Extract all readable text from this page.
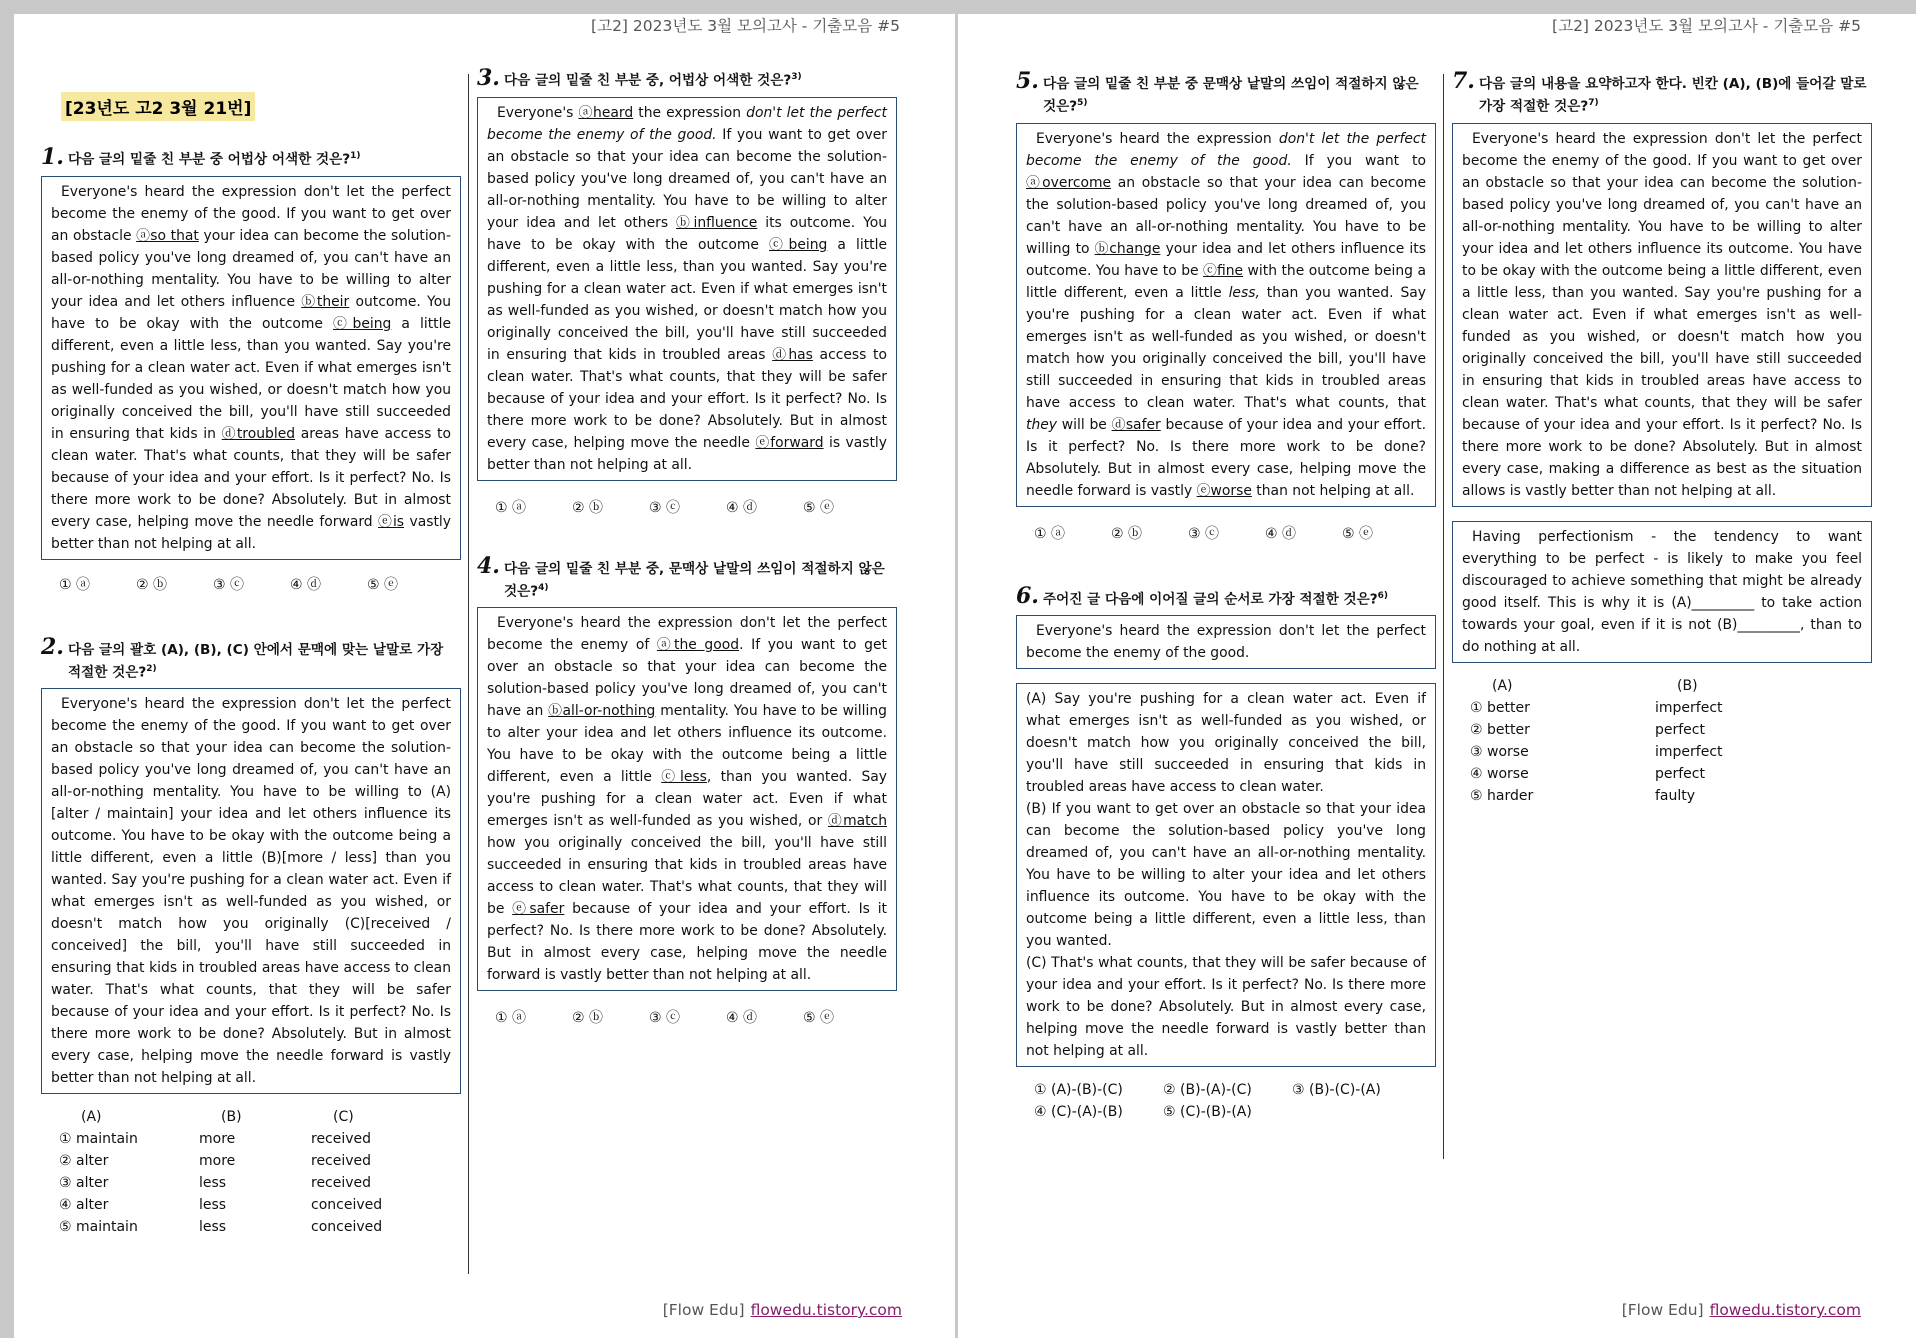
[고2] 2023년도 3월 모의고사 - 기출모음 #5
[23년도 고2 3월 21번]
1. 다음 글의 밑줄 친 부분 중 어법상 어색한 것은?$^{1)}$
Everyone's heard the expression don't let the perfect become the enemy of the good. If you want to get over an obstacle ⓐso that your idea can become the solution-based policy you've long dreamed of, you can't have an all-or-nothing mentality. You have to be willing to alter your idea and let others influence ⓑtheir outcome. You have to be okay with the outcome ⓒbeing a little different, even a little less, than you wanted. Say you're pushing for a clean water act. Even if what emerges isn't as well-funded as you wished, or doesn't match how you originally conceived the bill, you'll have still succeeded in ensuring that kids in ⓓtroubled areas have access to clean water. That's what counts, that they will be safer because of your idea and your effort. Is it perfect? No. Is there more work to be done? Absolutely. But in almost every case, helping move the needle forward ⓔis vastly better than not helping at all.
① ⓐ	② ⓑ	③ ⓒ	④ ⓓ	⑤ ⓔ
2. 다음 글의 괄호 (A), (B), (C) 안에서 문맥에 맞는 낱말로 가장 적절한 것은?$^{2)}$
Everyone's heard the expression don't let the perfect become the enemy of the good. If you want to get over an obstacle so that your idea can become the solution-based policy you've long dreamed of, you can't have an all-or-nothing mentality. You have to be willing to (A)[alter / maintain] your idea and let others influence its outcome. You have to be okay with the outcome being a little different, even a little (B)[more / less] than you wanted. Say you're pushing for a clean water act. Even if what emerges isn't as well-funded as you wished, or doesn't match how you originally (C)[received / conceived] the bill, you'll have still succeeded in ensuring that kids in troubled areas have access to clean water. That's what counts, that they will be safer because of your idea and your effort. Is it perfect? No. Is there more work to be done? Absolutely. But in almost every case, helping move the needle forward is vastly better than not helping at all.
(A)	(B)	(C)
① maintain	more	received
② alter	more	received
③ alter	less	received
④ alter	less	conceived
⑤ maintain	less	conceived
3. 다음 글의 밑줄 친 부분 중, 어법상 어색한 것은?$^{3)}$
Everyone's ⓐheard the expression don't let the perfect become the enemy of the good. If you want to get over an obstacle so that your idea can become the solution-based policy you've long dreamed of, you can't have an all-or-nothing mentality. You have to be willing to alter your idea and let others ⓑinfluence its outcome. You have to be okay with the outcome ⓒbeing a little different, even a little less, than you wanted. Say you're pushing for a clean water act. Even if what emerges isn't as well-funded as you wished, or doesn't match how you originally conceived the bill, you'll have still succeeded in ensuring that kids in troubled areas ⓓhas access to clean water. That's what counts, that they will be safer because of your idea and your effort. Is it perfect? No. Is there more work to be done? Absolutely. But in almost every case, helping move the needle ⓔforward is vastly better than not helping at all.
① ⓐ	② ⓑ	③ ⓒ	④ ⓓ	⑤ ⓔ
4. 다음 글의 밑줄 친 부분 중, 문맥상 낱말의 쓰임이 적절하지 않은 것은?$^{4)}$
Everyone's heard the expression don't let the perfect become the enemy of ⓐthe good. If you want to get over an obstacle so that your idea can become the solution-based policy you've long dreamed of, you can't have an ⓑall-or-nothing mentality. You have to be willing to alter your idea and let others influence its outcome. You have to be okay with the outcome being a little different, even a little ⓒless, than you wanted. Say you're pushing for a clean water act. Even if what emerges isn't as well-funded as you wished, or ⓓmatch how you originally conceived the bill, you'll have still succeeded in ensuring that kids in troubled areas have access to clean water. That's what counts, that they will be ⓔsafer because of your idea and your effort. Is it perfect? No. Is there more work to be done? Absolutely. But in almost every case, helping move the needle forward is vastly better than not helping at all.
① ⓐ	② ⓑ	③ ⓒ	④ ⓓ	⑤ ⓔ
[Flow Edu] flowedu.tistory.com
[고2] 2023년도 3월 모의고사 - 기출모음 #5
5. 다음 글의 밑줄 친 부분 중 문맥상 낱말의 쓰임이 적절하지 않은 것은?$^{5)}$
Everyone's heard the expression don't let the perfect become the enemy of the good. If you want to ⓐovercome an obstacle so that your idea can become the solution-based policy you've long dreamed of, you can't have an all-or-nothing mentality. You have to be willing to ⓑchange your idea and let others influence its outcome. You have to be ⓒfine with the outcome being a little different, even a little less, than you wanted. Say you're pushing for a clean water act. Even if what emerges isn't as well-funded as you wished, or doesn't match how you originally conceived the bill, you'll have still succeeded in ensuring that kids in troubled areas have access to clean water. That's what counts, that they will be ⓓsafer because of your idea and your effort. Is it perfect? No. Is there more work to be done? Absolutely. But in almost every case, helping move the needle forward is vastly ⓔworse than not helping at all.
① ⓐ	② ⓑ	③ ⓒ	④ ⓓ	⑤ ⓔ
6. 주어진 글 다음에 이어질 글의 순서로 가장 적절한 것은?$^{6)}$
Everyone's heard the expression don't let the perfect become the enemy of the good.
(A) Say you're pushing for a clean water act. Even if what emerges isn't as well-funded as you wished, or doesn't match how you originally conceived the bill, you'll have still succeeded in ensuring that kids in troubled areas have access to clean water.
(B) If you want to get over an obstacle so that your idea can become the solution-based policy you've long dreamed of, you can't have an all-or-nothing mentality. You have to be willing to alter your idea and let others influence its outcome. You have to be okay with the outcome being a little different, even a little less, than you wanted.
(C) That's what counts, that they will be safer because of your idea and your effort. Is it perfect? No. Is there more work to be done? Absolutely. But in almost every case, helping move the needle forward is vastly better than not helping at all.
① (A)-(B)-(C)	② (B)-(A)-(C)	③ (B)-(C)-(A)
④ (C)-(A)-(B)	⑤ (C)-(B)-(A)
7. 다음 글의 내용을 요약하고자 한다. 빈칸 (A), (B)에 들어갈 말로 가장 적절한 것은?$^{7)}$
Everyone's heard the expression don't let the perfect become the enemy of the good. If you want to get over an obstacle so that your idea can become the solution-based policy you've long dreamed of, you can't have an all-or-nothing mentality. You have to be willing to alter your idea and let others influence its outcome. You have to be okay with the outcome being a little different, even a little less, than you wanted. Say you're pushing for a clean water act. Even if what emerges isn't as well-funded as you wished, or doesn't match how you originally conceived the bill, you'll have still succeeded in ensuring that kids in troubled areas have access to clean water. That's what counts, that they will be safer because of your idea and your effort. Is it perfect? No. Is there more work to be done? Absolutely. But in almost every case, making a difference as best as the situation allows is vastly better than not helping at all.
Having perfectionism - the tendency to want everything to be perfect - is likely to make you feel discouraged to achieve something that might be already good itself. This is why it is (A)_________ to take action towards your goal, even if it is not (B)_________, than to do nothing at all.
(A)	(B)
① better	imperfect
② better	perfect
③ worse	imperfect
④ worse	perfect
⑤ harder	faulty
[Flow Edu] flowedu.tistory.com
